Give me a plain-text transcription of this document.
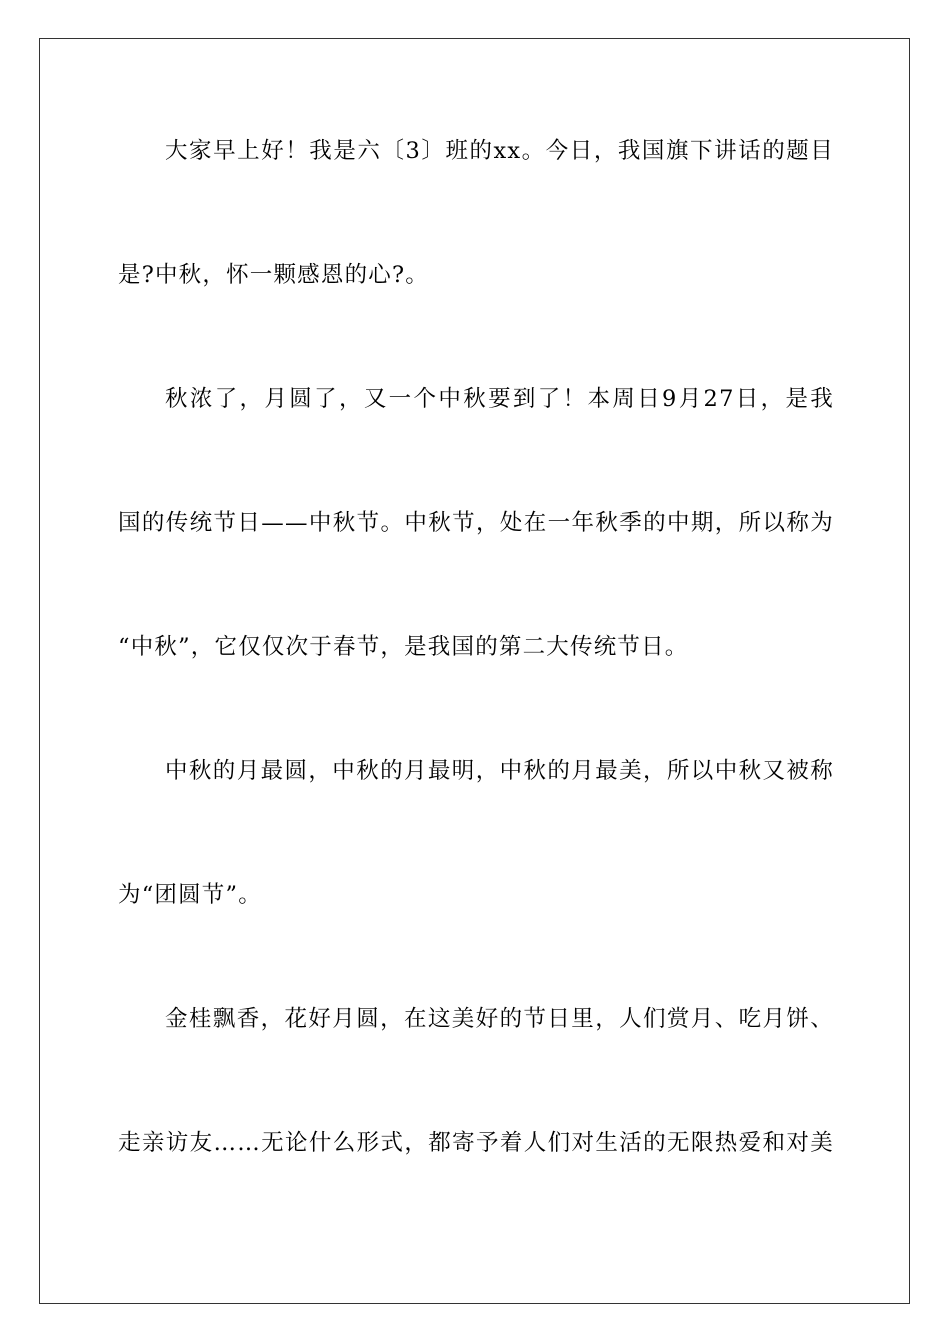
大家早上好！我是六〔3〕班的xx。今日，我国旗下讲话的题目
是?中秋，怀一颗感恩的心?。
秋浓了，月圆了，又一个中秋要到了！本周日9月27日，是我
国的传统节日——中秋节。中秋节，处在一年秋季的中期，所以称为
“中秋”，它仅仅次于春节，是我国的第二大传统节日。
中秋的月最圆，中秋的月最明，中秋的月最美，所以中秋又被称
为“团圆节”。
金桂飘香，花好月圆，在这美好的节日里，人们赏月、吃月饼、
走亲访友……无论什么形式，都寄予着人们对生活的无限热爱和对美
